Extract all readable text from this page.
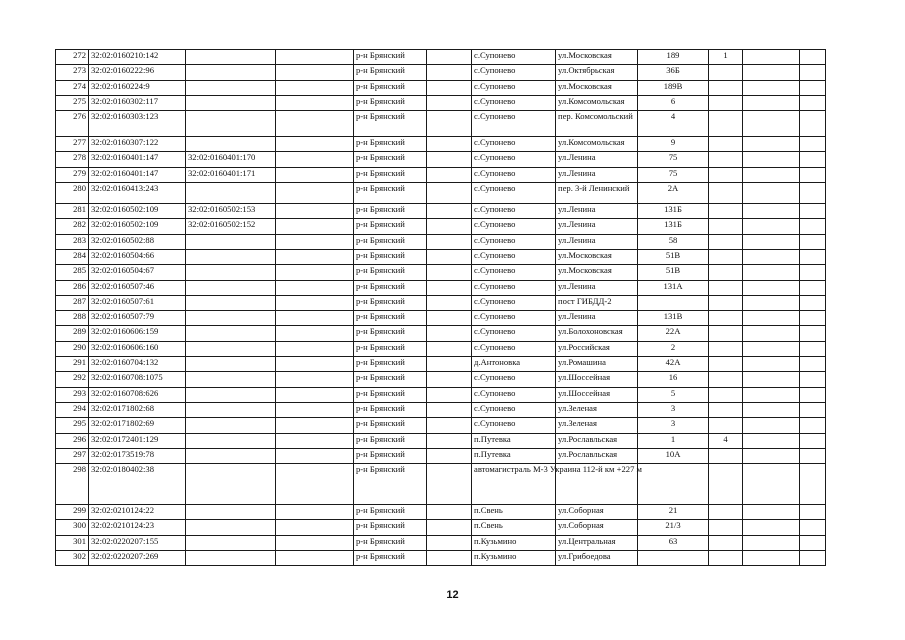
272	32:02:0160210:142			р-н Брянский		с.Супонево	ул.Московская	189	1		
273	32:02:0160222:96			р-н Брянский		с.Супонево	ул.Октябрьская	36Б			
274	32:02:0160224:9			р-н Брянский		с.Супонево	ул.Московская	189В			
275	32:02:0160302:117			р-н Брянский		с.Супонево	ул.Комсомольская	6			
276	32:02:0160303:123			р-н Брянский		с.Супонево	пер. Комсомольский	4			
277	32:02:0160307:122			р-н Брянский		с.Супонево	ул.Комсомольская	9			
278	32:02:0160401:147	32:02:0160401:170		р-н Брянский		с.Супонево	ул.Ленина	75			
279	32:02:0160401:147	32:02:0160401:171		р-н Брянский		с.Супонево	ул.Ленина	75			
280	32:02:0160413:243			р-н Брянский		с.Супонево	пер. 3-й Ленинский	2А			
281	32:02:0160502:109	32:02:0160502:153		р-н Брянский		с.Супонево	ул.Ленина	131Б			
282	32:02:0160502:109	32:02:0160502:152		р-н Брянский		с.Супонево	ул.Ленина	131Б			
283	32:02:0160502:88			р-н Брянский		с.Супонево	ул.Ленина	58			
284	32:02:0160504:66			р-н Брянский		с.Супонево	ул.Московская	51В			
285	32:02:0160504:67			р-н Брянский		с.Супонево	ул.Московская	51В			
286	32:02:0160507:46			р-н Брянский		с.Супонево	ул.Ленина	131А			
287	32:02:0160507:61			р-н Брянский		с.Супонево	пост ГИБДД-2				
288	32:02:0160507:79			р-н Брянский		с.Супонево	ул.Ленина	131В			
289	32:02:0160606:159			р-н Брянский		с.Супонево	ул.Болохоновская	22А			
290	32:02:0160606:160			р-н Брянский		с.Супонево	ул.Российская	2			
291	32:02:0160704:132			р-н Брянский		д.Антоновка	ул.Ромашина	42А			
292	32:02:0160708:1075			р-н Брянский		с.Супонево	ул.Шоссейная	16			
293	32:02:0160708:626			р-н Брянский		с.Супонево	ул.Шоссейная	5			
294	32:02:0171802:68			р-н Брянский		с.Супонево	ул.Зеленая	3			
295	32:02:0171802:69			р-н Брянский		с.Супонево	ул.Зеленая	3			
296	32:02:0172401:129			р-н Брянский		п.Путевка	ул.Рославльская	1	4		
297	32:02:0173519:78			р-н Брянский		п.Путевка	ул.Рославльская	10А			
298	32:02:0180402:38			р-н Брянский		автомагистраль М-3 Украина 112-й км +227 м					
299	32:02:0210124:22			р-н Брянский		п.Свень	ул.Соборная	21			
300	32:02:0210124:23			р-н Брянский		п.Свень	ул.Соборная	21/3			
301	32:02:0220207:155			р-н Брянский		п.Кузьмино	ул.Центральная	63			
302	32:02:0220207:269			р-н Брянский		п.Кузьмино	ул.Грибоедова				
12
